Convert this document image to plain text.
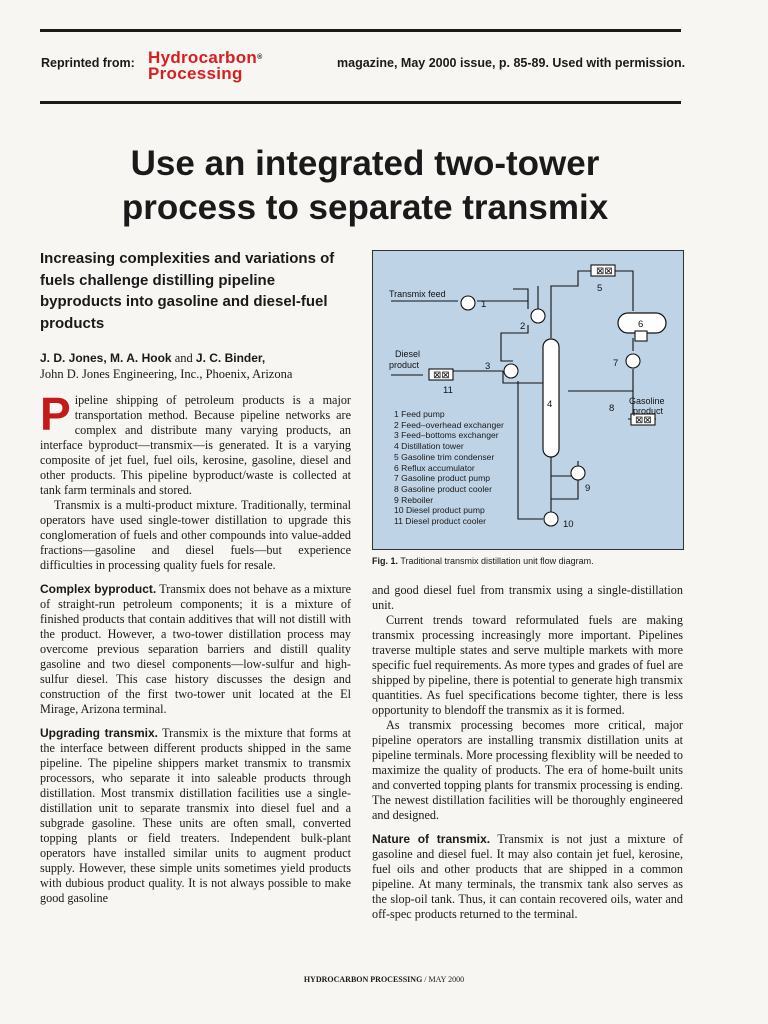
Reprinted from: Hydrocarbon®
Processing
magazine, May 2000 issue, p. 85-89. Used with permission.
Use an integrated two-tower
process to separate transmix
Increasing complexities and variations of fuels challenge distilling pipeline byproducts into gasoline and diesel-fuel products
J. D. Jones, M. A. Hook and J. C. Binder,
John D. Jones Engineering, Inc., Phoenix, Arizona

Pipeline shipping of petroleum products is a major transportation method. Because pipeline networks are complex and distribute many varying products, an interface byproduct—transmix—is generated. It is a varying composite of jet fuel, fuel oils, kerosine, gasoline, diesel and other products. This pipeline byproduct/waste is collected at tank farm terminals and stored.

Transmix is a multi-product mixture. Traditionally, terminal operators have used single-tower distillation to upgrade this conglomeration of fuels and other compounds into value-added fractions—gasoline and diesel fuels—but experience difficulties in processing quality fuels for resale.

Complex byproduct. Transmix does not behave as a mixture of straight-run petroleum components; it is a mixture of finished products that contain additives that will not distill with the product. However, a two-tower distillation process may overcome previous separation barriers and distill quality gasoline and two diesel components—low-sulfur and high-sulfur diesel. This case history discusses the design and construction of the first two-tower unit located at the El Mirage, Arizona terminal.

Upgrading transmix. Transmix is the mixture that forms at the interface between different products shipped in the same pipeline. The pipeline shippers market transmix to transmix processors, who separate it into saleable products through distillation. Most transmix distillation facilities use a single-distillation unit to separate transmix into diesel fuel and a subgrade gasoline. These units are often small, converted topping plants or field treaters. Independent bulk-plant operators have installed similar units to augment product supply. However, these simple units sometimes yield products with dubious product quality. It is not always possible to make good gasoline

⊠⊠
⊠⊠
⊠⊠
Transmix feed
Diesel
product
Gasoline
product
1
2
3
4
5
6
7
8
9
10
11
1 Feed pump
2 Feed–overhead exchanger
3 Feed–bottoms exchanger
4 Distillation tower
5 Gasoline trim condenser
6 Reflux accumulator
7 Gasoline product pump
8 Gasoline product cooler
9 Reboiler
10 Diesel product pump
11 Diesel product cooler
Fig. 1. Traditional transmix distillation unit flow diagram.

and good diesel fuel from transmix using a single-distillation unit.

Current trends toward reformulated fuels are making transmix processing increasingly more important. Pipelines traverse multiple states and serve multiple markets with more specific fuel requirements. As more types and grades of fuel are shipped by pipeline, there is potential to generate high transmix quantities. As fuel specifications become tighter, there is less opportunity to blendoff the transmix as it is formed.

As transmix processing becomes more critical, major pipeline operators are installing transmix distillation units at pipeline terminals. More processing flexiblity will be needed to maximize the quality of products. The era of home-built units and converted topping plants for transmix processing is ending. The newest distillation facilities will be thoroughly engineered and designed.

Nature of transmix. Transmix is not just a mixture of gasoline and diesel fuel. It may also contain jet fuel, kerosine, fuel oils and other products that are shipped in a common pipeline. At many terminals, the transmix tank also serves as the slop-oil tank. Thus, it can contain recovered oils, water and off-spec products returned to the terminal.

HYDROCARBON PROCESSING / MAY 2000
